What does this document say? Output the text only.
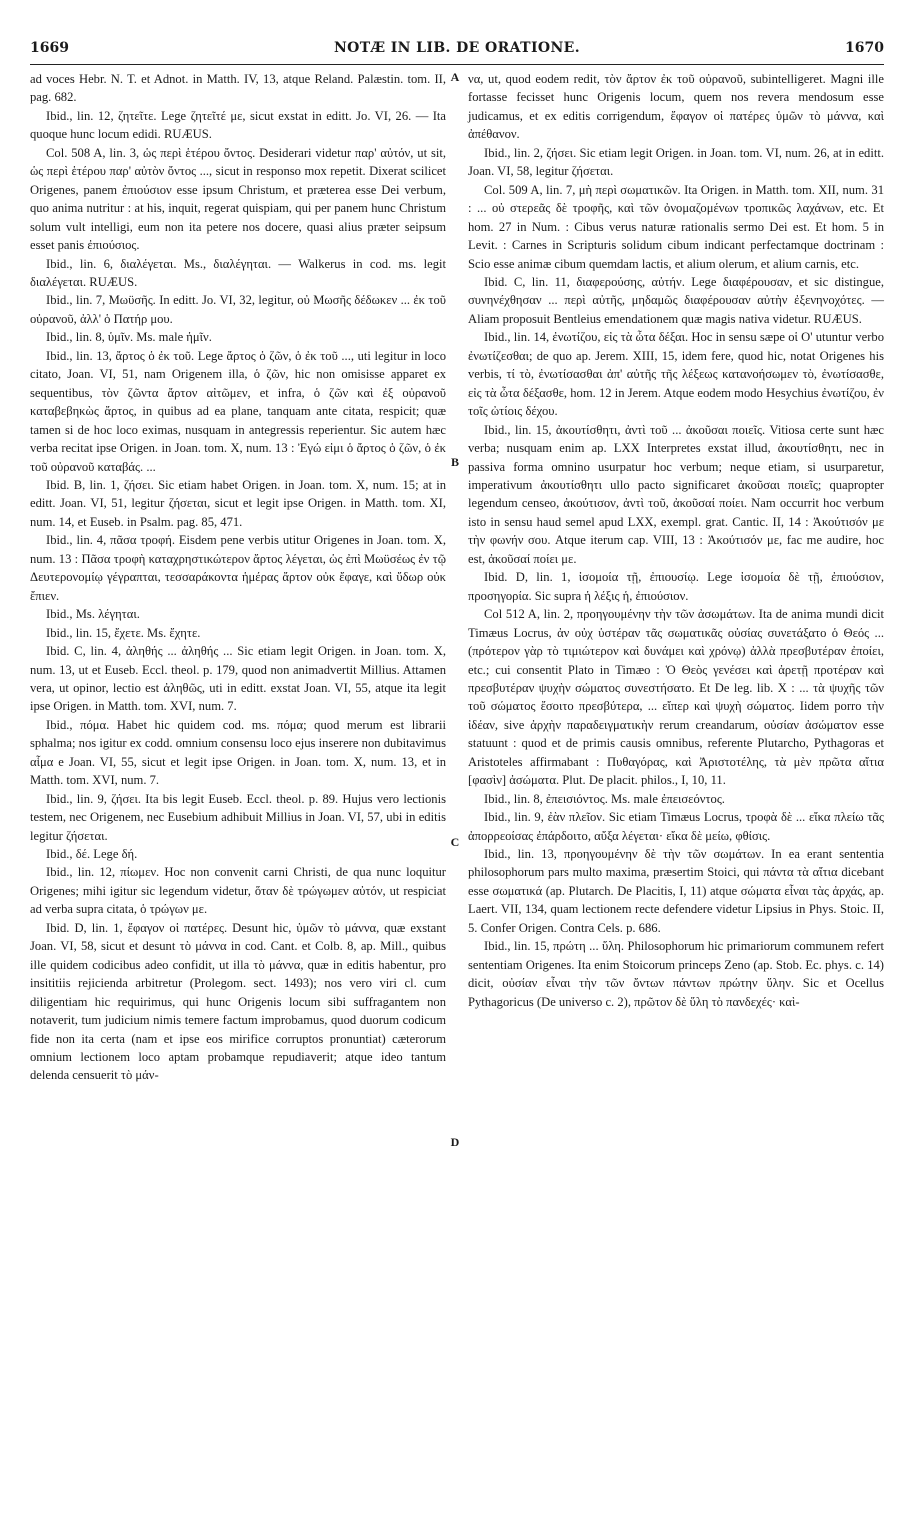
1669	NOTÆ IN LIB. DE ORATIONE.	1670

ad voces Hebr. N. T. et Adnot. in Matth. IV, 13, atque Reland. Palæstin. tom. II, pag. 682.

Ibid., lin. 12, ζητεῖτε. Lege ζητεῖτέ με, sicut exstat in editt. Jo. VI, 26. — Ita quoque hunc locum edidi. RUÆUS.

Col. 508 A, lin. 3, ὡς περὶ ἑτέρου ὄντος. Desiderari videtur παρ' αὐτόν, ut sit, ὡς περὶ ἑτέρου παρ' αὐτὸν ὄντος ..., sicut in responso mox repetit. Dixerat scilicet Origenes, panem ἐπιούσιον esse ipsum Christum, et præterea esse Dei verbum, quo anima nutritur : at his, inquit, regerat quispiam, qui per panem hunc Christum solum vult intelligi, eum non ita petere nos docere, quasi alius præter seipsum esset panis ἐπιούσιος.

Ibid., lin. 6, διαλέγεται. Ms., διαλέγηται. — Walkerus in cod. ms. legit διαλέγεται. RUÆUS.

Ibid., lin. 7, Μωϋσῆς. In editt. Jo. VI, 32, legitur, οὐ Μωσῆς δέδωκεν ... ἐκ τοῦ οὐρανοῦ, ἀλλ' ὁ Πατήρ μου.

Ibid., lin. 8, ὑμῖν. Ms. male ἡμῖν.

Ibid., lin. 13, ἄρτος ὁ ἐκ τοῦ. Lege ἄρτος ὁ ζῶν, ὁ ἐκ τοῦ ..., uti legitur in loco citato, Joan. VI, 51, nam Origenem illa, ὁ ζῶν, hic non omisisse apparet ex sequentibus, τὸν ζῶντα ἄρτον αἰτῶμεν, et infra, ὁ ζῶν καὶ ἐξ οὐρανοῦ καταβεβηκὼς ἄρτος, in quibus ad ea plane, tanquam ante citata, respicit; quæ tamen si de hoc loco eximas, nusquam in antegressis reperientur. Sic autem hæc verba recitat ipse Origen. in Joan. tom. X, num. 13 : Ἐγώ εἰμι ὁ ἄρτος ὁ ζῶν, ὁ ἐκ τοῦ οὐρανοῦ καταβάς. ...

Ibid. B, lin. 1, ζήσει. Sic etiam habet Origen. in Joan. tom. X, num. 15; at in editt. Joan. VI, 51, legitur ζήσεται, sicut et legit ipse Origen. in Matth. tom. XI, num. 14, et Euseb. in Psalm. pag. 85, 471.

Ibid., lin. 4, πᾶσα τροφή. Eisdem pene verbis utitur Origenes in Joan. tom. X, num. 13 : Πᾶσα τροφὴ καταχρηστικώτερον ἄρτος λέγεται, ὡς ἐπὶ Μωϋσέως ἐν τῷ Δευτερονομίῳ γέγραπται, τεσσαράκοντα ἡμέρας ἄρτον οὐκ ἔφαγε, καὶ ὕδωρ οὐκ ἔπιεν.

Ibid., Ms. λέγηται.

Ibid., lin. 15, ἔχετε. Ms. ἔχητε.

Ibid. C, lin. 4, ἀληθής ... ἀληθής ... Sic etiam legit Origen. in Joan. tom. X, num. 13, ut et Euseb. Eccl. theol. p. 179, quod non animadvertit Millius. Attamen vera, ut opinor, lectio est ἀληθῶς, uti in editt. exstat Joan. VI, 55, atque ita legit ipse Origen. in Matth. tom. XVI, num. 7.

Ibid., πόμα. Habet hic quidem cod. ms. πόμα; quod merum est librarii sphalma; nos igitur ex codd. omnium consensu loco ejus inserere non dubitavimus αἷμα e Joan. VI, 55, sicut et legit ipse Origen. in Joan. tom. X, num. 13, et in Matth. tom. XVI, num. 7.

Ibid., lin. 9, ζήσει. Ita bis legit Euseb. Eccl. theol. p. 89. Hujus vero lectionis testem, nec Origenem, nec Eusebium adhibuit Millius in Joan. VI, 57, ubi in editis legitur ζήσεται.

Ibid., δέ. Lege δή.

Ibid., lin. 12, πίωμεν. Hoc non convenit carni Christi, de qua nunc loquitur Origenes; mihi igitur sic legendum videtur, ὅταν δὲ τρώγωμεν αὐτόν, ut respiciat ad verba supra citata, ὁ τρώγων με.

Ibid. D, lin. 1, ἔφαγον οἱ πατέρες. Desunt hic, ὑμῶν τὸ μάννα, quæ exstant Joan. VI, 58, sicut et desunt τὸ μάννα in cod. Cant. et Colb. 8, ap. Mill., quibus ille quidem codicibus adeo confidit, ut illa τὸ μάννα, quæ in editis habentur, pro insititiis rejicienda arbitretur (Prolegom. sect. 1493); nos vero viri cl. cum diligentiam hic requirimus, qui hunc Origenis locum sibi suffragantem non notaverit, tum judicium nimis temere factum improbamus, quod duorum codicum fide non ita certa (nam et ipse eos mirifice corruptos pronuntiat) cæterorum omnium lectionem loco aptam probamque repudiaverit; atque ideo tantum delenda censuerit τὸ μάν-

A
B
C
D

να, ut, quod eodem redit, τὸν ἄρτον ἐκ τοῦ οὐρανοῦ, subintelligeret. Magni ille fortasse fecisset hunc Origenis locum, quem nos revera mendosum esse judicamus, et ex editis corrigendum, ἔφαγον οἱ πατέρες ὑμῶν τὸ μάννα, καὶ ἀπέθανον.

Ibid., lin. 2, ζήσει. Sic etiam legit Origen. in Joan. tom. VI, num. 26, at in editt. Joan. VI, 58, legitur ζήσεται.

Col. 509 A, lin. 7, μὴ περὶ σωματικῶν. Ita Origen. in Matth. tom. XII, num. 31 : ... οὐ στερεᾶς δὲ τροφῆς, καὶ τῶν ὀνομαζομένων τροπικῶς λαχάνων, etc. Et hom. 27 in Num. : Cibus verus naturæ rationalis sermo Dei est. Et hom. 5 in Levit. : Carnes in Scripturis solidum cibum indicant perfectamque doctrinam : Scio esse animæ cibum quemdam lactis, et alium olerum, et alium carnis, etc.

Ibid. C, lin. 11, διαφερούσης, αὐτήν. Lege διαφέρουσαν, et sic distingue, συνηνέχθησαν ... περὶ αὐτῆς, μηδαμῶς διαφέρουσαν αὐτὴν ἐξενηνοχότες. — Aliam proposuit Bentleius emendationem quæ magis nativa videtur. RUÆUS.

Ibid., lin. 14, ἐνωτίζου, εἰς τὰ ὦτα δέξαι. Hoc in sensu sæpe οἱ Ο' utuntur verbo ἐνωτίζεσθαι; de quo ap. Jerem. XIII, 15, idem fere, quod hic, notat Origenes his verbis, τί τὸ, ἐνωτίσασθαι ἀπ' αὐτῆς τῆς λέξεως κατανοήσωμεν τὸ, ἐνωτίσασθε, εἰς τὰ ὦτα δέξασθε, hom. 12 in Jerem. Atque eodem modo Hesychius ἐνωτίζου, ἐν τοῖς ὠτίοις δέχου.

Ibid., lin. 15, ἀκουτίσθητι, ἀντὶ τοῦ ... ἀκοῦσαι ποιεῖς. Vitiosa certe sunt hæc verba; nusquam enim ap. LXX Interpretes exstat illud, ἀκουτίσθητι, nec in passiva forma omnino usurpatur hoc verbum; neque etiam, si usurparetur, imperativum ἀκουτίσθητι ullo pacto significaret ἀκοῦσαι ποιεῖς; quapropter legendum censeo, ἀκούτισον, ἀντὶ τοῦ, ἀκοῦσαί ποίει. Nam occurrit hoc verbum isto in sensu haud semel apud LXX, exempl. grat. Cantic. II, 14 : Ἀκούτισόν με τὴν φωνήν σου. Atque iterum cap. VIII, 13 : Ἀκούτισόν με, fac me audire, hoc est, ἀκοῦσαί ποίει με.

Ibid. D, lin. 1, ἰσομοία τῇ, ἐπιουσίῳ. Lege ἰσομοία δὲ τῇ, ἐπιούσιον, προσηγορία. Sic supra ἡ λέξις ἡ, ἐπιούσιον.

Col 512 A, lin. 2, προηγουμένην τὴν τῶν ἀσωμάτων. Ita de anima mundi dicit Timæus Locrus, ἀν οὐχ ὑστέραν τᾶς σωματικᾶς οὐσίας συνετάξατο ὁ Θεός ... (πρότερον γὰρ τὸ τιμιώτερον καὶ δυνάμει καὶ χρόνῳ) ἀλλὰ πρεσβυτέραν ἐποίει, etc.; cui consentit Plato in Timæo : Ὁ Θεὸς γενέσει καὶ ἀρετῇ προτέραν καὶ πρεσβυτέραν ψυχὴν σώματος συνεστήσατο. Et De leg. lib. X : ... τὰ ψυχῆς τῶν τοῦ σώματος ἔσοιτο πρεσβύτερα, ... εἴπερ καὶ ψυχὴ σώματος. Iidem porro τὴν ἰδέαν, sive ἀρχὴν παραδειγματικὴν rerum creandarum, οὐσίαν ἀσώματον esse statuunt : quod et de primis causis omnibus, referente Plutarcho, Pythagoras et Aristoteles affirmabant : Πυθαγόρας, καὶ Ἀριστοτέλης, τὰ μὲν πρῶτα αἴτια [φασὶν] ἀσώματα. Plut. De placit. philos., I, 10, 11.

Ibid., lin. 8, ἐπεισιόντος. Ms. male ἐπεισεόντος.

Ibid., lin. 9, ἐὰν πλεῖον. Sic etiam Timæus Locrus, τροφὰ δὲ ... εἴκα πλείω τᾶς ἀπορρεοίσας ἐπάρδοιτο, αὔξα λέγεται· εἴκα δὲ μείω, φθίσις.

Ibid., lin. 13, προηγουμένην δὲ τὴν τῶν σωμάτων. In ea erant sententia philosophorum pars multo maxima, præsertim Stoici, qui πάντα τὰ αἴτια dicebant esse σωματικά (ap. Plutarch. De Placitis, I, 11) atque σώματα εἶναι τὰς ἀρχάς, ap. Laert. VII, 134, quam lectionem recte defendere videtur Lipsius in Phys. Stoic. II, 5. Confer Origen. Contra Cels. p. 686.

Ibid., lin. 15, πρώτη ... ὕλη. Philosophorum hic primariorum communem refert sententiam Origenes. Ita enim Stoicorum princeps Zeno (ap. Stob. Ec. phys. c. 14) dicit, οὐσίαν εἶναι τὴν τῶν ὄντων πάντων πρώτην ὕλην. Sic et Ocellus Pythagoricus (De universo c. 2), πρῶτον δὲ ὕλη τὸ πανδεχές· καὶ-
